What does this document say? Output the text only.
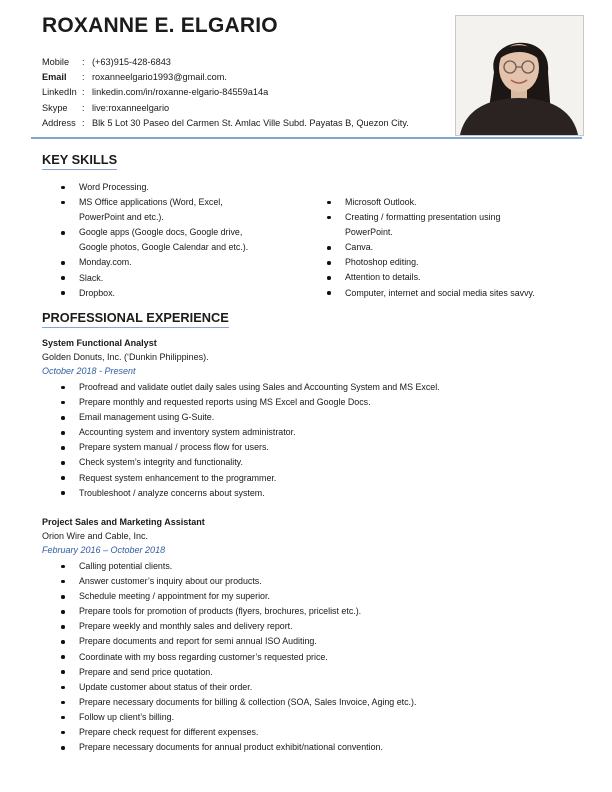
ROXANNE E. ELGARIO
Mobile	: (+63)915-428-6843
Email	: roxanneelgario1993@gmail.com.
LinkedIn : linkedin.com/in/roxanne-elgario-84559a14a
Skype	: live:roxanneelgario
Address : Blk 5 Lot 30 Paseo del Carmen St. Amlac Ville Subd. Payatas B, Quezon City.
KEY SKILLS
Word Processing.
MS Office applications (Word, Excel,
PowerPoint and etc.).
Google apps (Google docs, Google drive,
Google photos, Google Calendar and etc.).
Monday.com.
Slack.
Dropbox.
Microsoft Outlook.
Creating / formatting presentation using
PowerPoint.
Canva.
Photoshop editing.
Attention to details.
Computer, internet and social media sites savvy.
PROFESSIONAL EXPERIENCE
System Functional Analyst
Golden Donuts, Inc. (‘Dunkin Philippines).
October 2018 - Present
Proofread and validate outlet daily sales using Sales and Accounting System and MS Excel.
Prepare monthly and requested reports using MS Excel and Google Docs.
Email management using G-Suite.
Accounting system and inventory system administrator.
Prepare system manual / process flow for users.
Check system’s integrity and functionality.
Request system enhancement to the programmer.
Troubleshoot / analyze concerns about system.
Project Sales and Marketing Assistant
Orion Wire and Cable, Inc.
February 2016 – October 2018
Calling potential clients.
Answer customer’s inquiry about our products.
Schedule meeting / appointment for my superior.
Prepare tools for promotion of products (flyers, brochures, pricelist etc.).
Prepare weekly and monthly sales and delivery report.
Prepare documents and report for semi annual ISO Auditing.
Coordinate with my boss regarding customer’s requested price.
Prepare and send price quotation.
Update customer about status of their order.
Prepare necessary documents for billing & collection (SOA, Sales Invoice, Aging etc.).
Follow up client’s billing.
Prepare check request for different expenses.
Prepare necessary documents for annual product exhibit/national convention.
